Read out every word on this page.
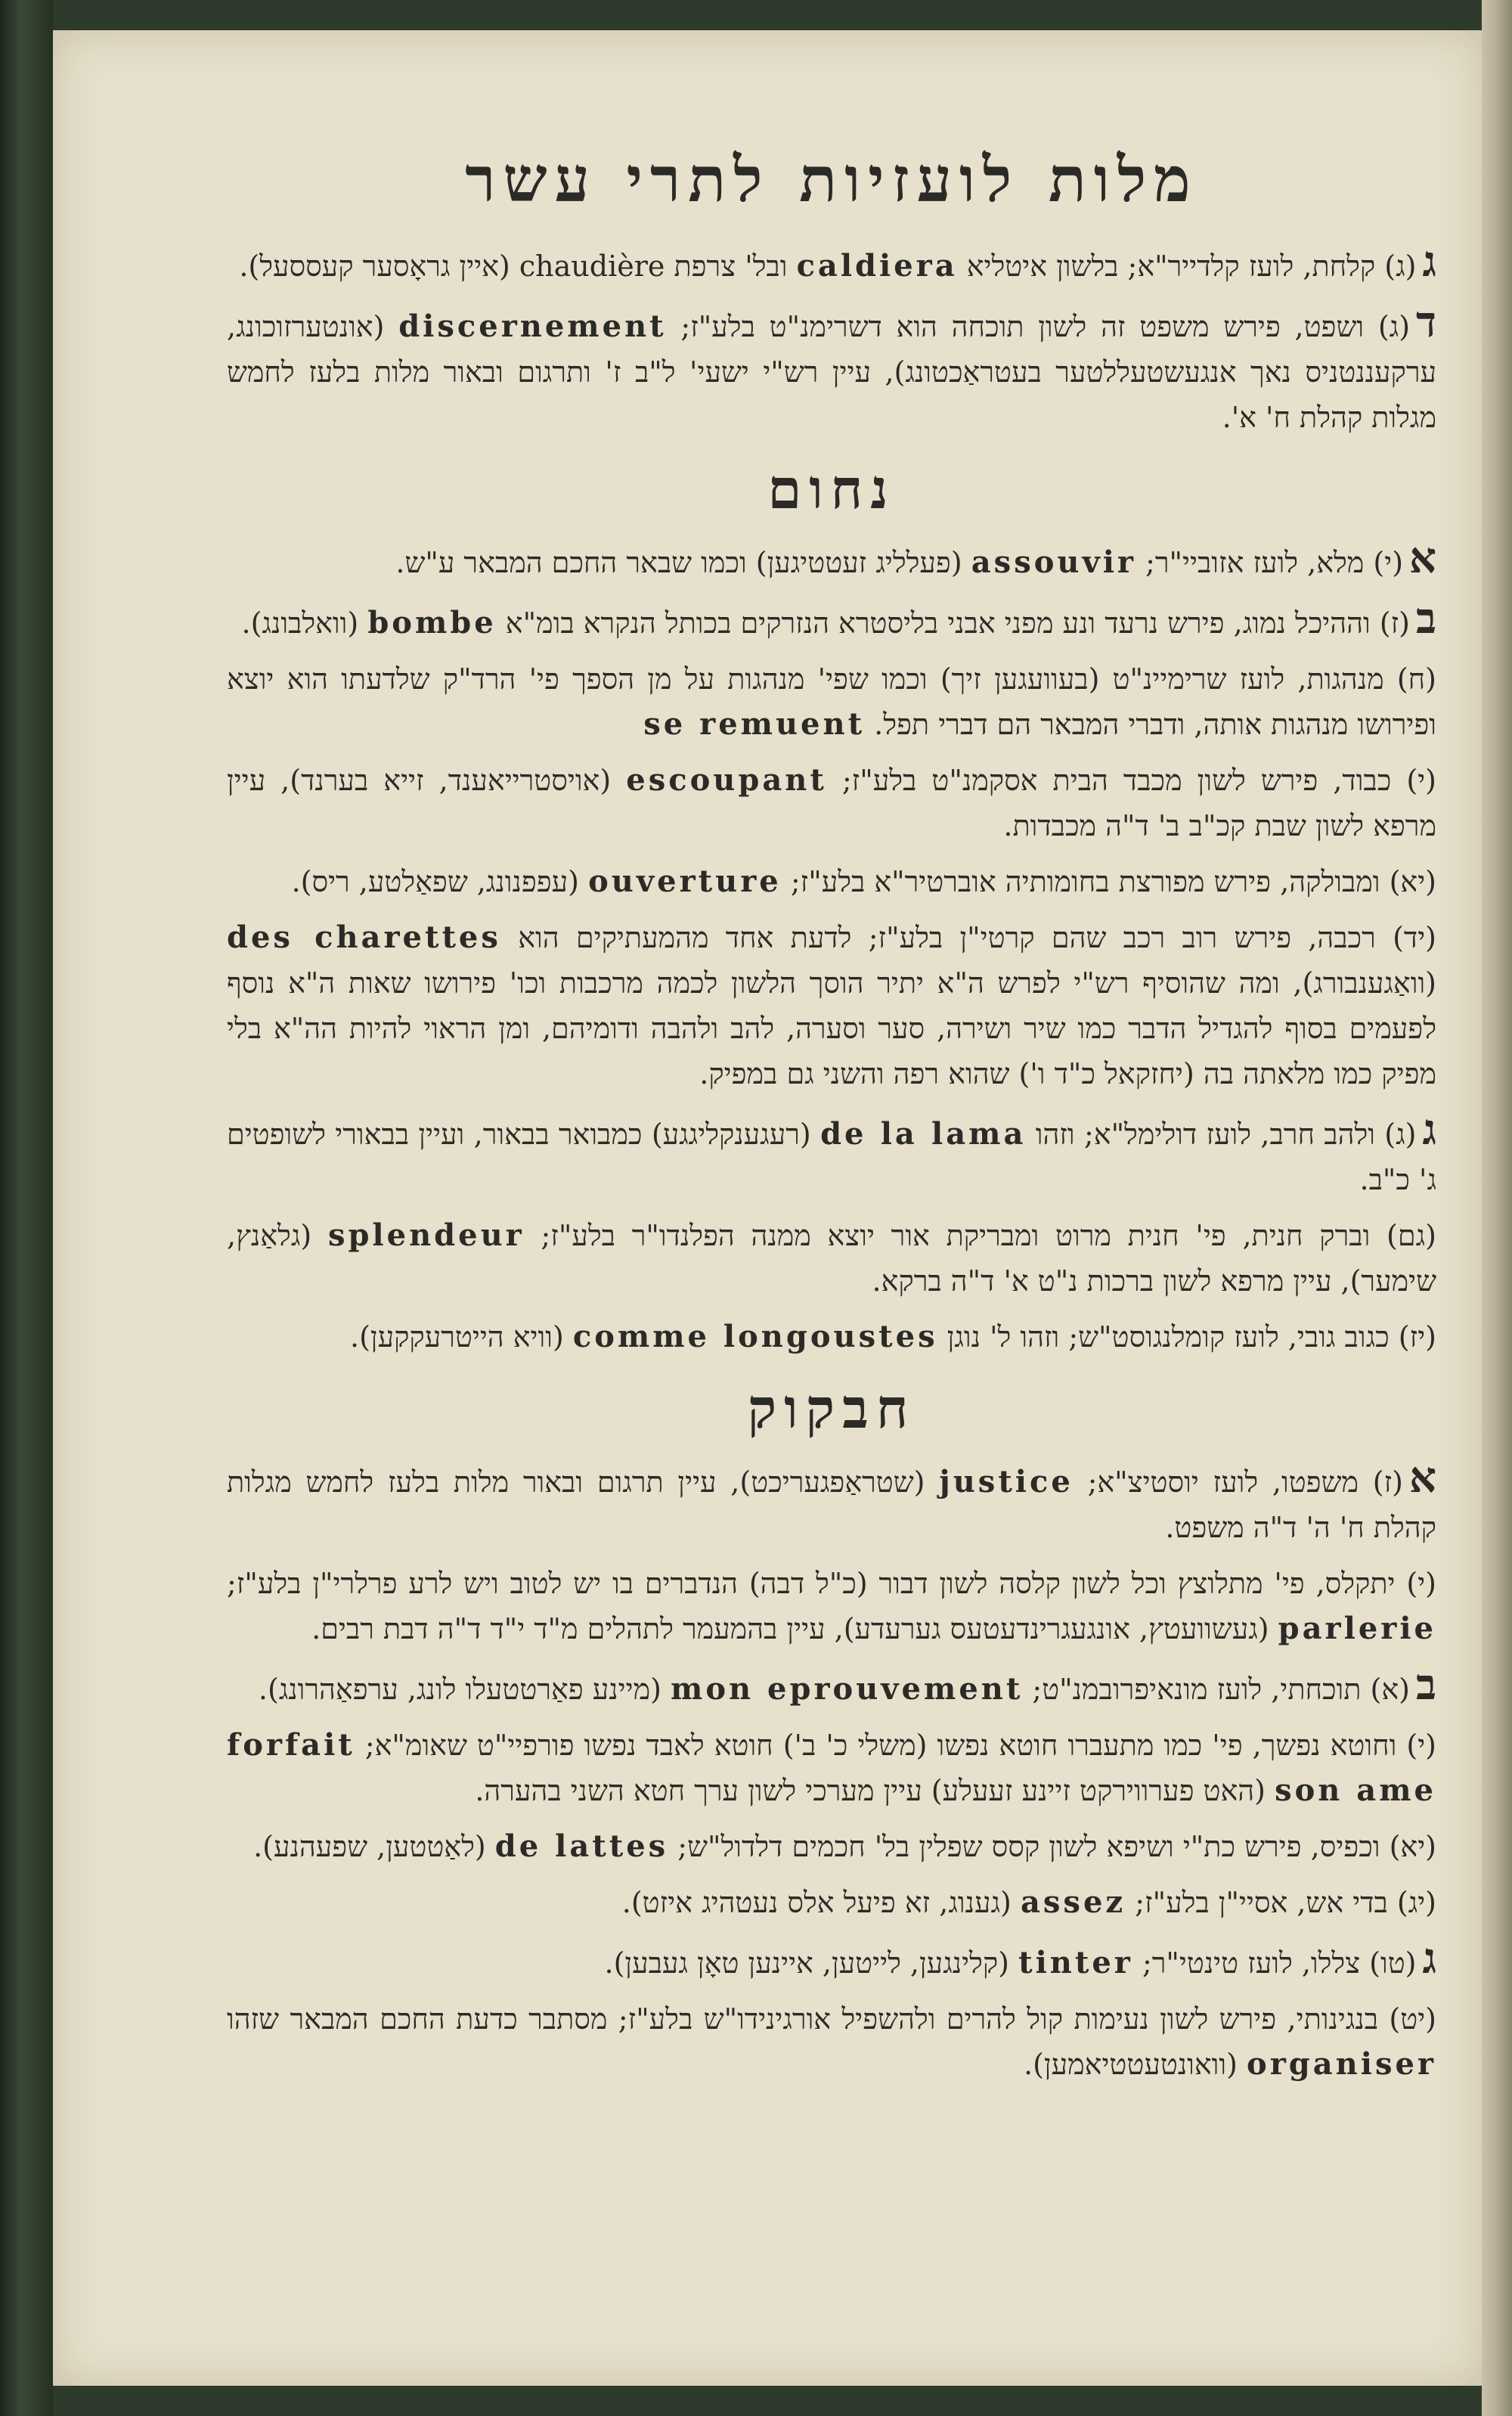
מלות לועזיות לתרי עשר
ג(ג) קלחת, לועז קלדייר"א; בלשון איטליא caldiera ובל' צרפת chaudière (איין גראָסער קעססעל).
ד(ג) ושפט, פירש משפט זה לשון תוכחה הוא דשרימנ"ט בלע"ז; discernement (אונטערזוכונג, ערקעננטניס נאך אנגעשטעללטער בעטראַכטונג), עיין רש"י ישעי' ל"ב ז' ותרגום ובאור מלות בלעז לחמש מגלות קהלת ח' א'.
נחום
א(י) מלא, לועז אזוביי"ר; assouvir (פעלליג זעטטיגען) וכמו שבאר החכם המבאר ע"ש.
ב(ז) וההיכל נמוג, פירש נרעד ונע מפני אבני בליסטרא הנזרקים בכותל הנקרא בומ"א bombe (וואלבונג).
(ח) מנהגות, לועז שרימיינ"ט (בעוועגען זיך) וכמו שפי' מנהגות על מן הספך פי' הרד"ק שלדעתו הוא יוצא ופירושו מנהגות אותה, ודברי המבאר הם דברי תפל. se remuent
(י) כבוד, פירש לשון מכבד הבית אסקמנ"ט בלע"ז; escoupant (אויסטרייאענד, זייא בערנד), עיין מרפא לשון שבת קכ"ב ב' ד"ה מכבדות.
(יא) ומבולקה, פירש מפורצת בחומותיה אוברטיר"א בלע"ז; ouverture (עפפנונג, שפאַלטע, ריס).
(יד) רכבה, פירש רוב רכב שהם קרטי"ן בלע"ז; לדעת אחד מהמעתיקים הוא des charettes (וואַגענבורג), ומה שהוסיף רש"י לפרש ה"א יתיר הוסך הלשון לכמה מרכבות וכו' פירושו שאות ה"א נוסף לפעמים בסוף להגדיל הדבר כמו שיר ושירה, סער וסערה, להב ולהבה ודומיהם, ומן הראוי להיות הה"א בלי מפיק כמו מלאתה בה (יחזקאל כ"ד ו') שהוא רפה והשני גם במפיק.
ג(ג) ולהב חרב, לועז דולימל"א; וזהו de la lama (רעגענקליגגע) כמבואר בבאור, ועיין בבאורי לשופטים ג' כ"ב.
(גם) וברק חנית, פי' חנית מרוט ומבריקת אור יוצא ממנה הפלנדו"ר בלע"ז; splendeur (גלאַנץ, שימער), עיין מרפא לשון ברכות נ"ט א' ד"ה ברקא.
(יז) כגוב גובי, לועז קומלנגוסט"ש; וזהו ל' נוגן comme longoustes (וויא הייטרעקקען).
חבקוק
א(ז) משפטו, לועז יוסטיצ"א; justice (שטראַפגעריכט), עיין תרגום ובאור מלות בלעז לחמש מגלות קהלת ח' ה' ד"ה משפט.
(י) יתקלס, פי' מתלוצץ וכל לשון קלסה לשון דבור (כ"ל דבה) הנדברים בו יש לטוב ויש לרע פרלרי"ן בלע"ז; parlerie (געשוועטץ, אונגעגרינדעטעס גערעדע), עיין בהמעמר לתהלים מ"ד י"ד ד"ה דבת רבים.
ב(א) תוכחתי, לועז מונאיפרובמנ"ט; mon eprouvement (מיינע פאַרטטעלו לונג, ערפאַהרונג).
(י) וחוטא נפשך, פי' כמו מתעברו חוטא נפשו (משלי כ' ב') חוטא לאבד נפשו פורפיי"ט שאומ"א; forfait son ame (האט פערווירקט זיינע זעעלע) עיין מערכי לשון ערך חטא השני בהערה.
(יא) וכפיס, פירש כת"י ושיפא לשון קסס שפלין בל' חכמים דלדול"ש; de lattes (לאַטטען, שפעהנע).
(יג) בדי אש, אסיי"ן בלע"ז; assez (גענוג, זא פיעל אלס נעטהיג איזט).
ג(טו) צללו, לועז טינטי"ר; tinter (קלינגען, לייטען, איינען טאָן געבען).
(יט) בנגינותי, פירש לשון נעימות קול להרים ולהשפיל אורגינידו"ש בלע"ז; מסתבר כדעת החכם המבאר שזהו organiser (וואונטעטטיאמען).
